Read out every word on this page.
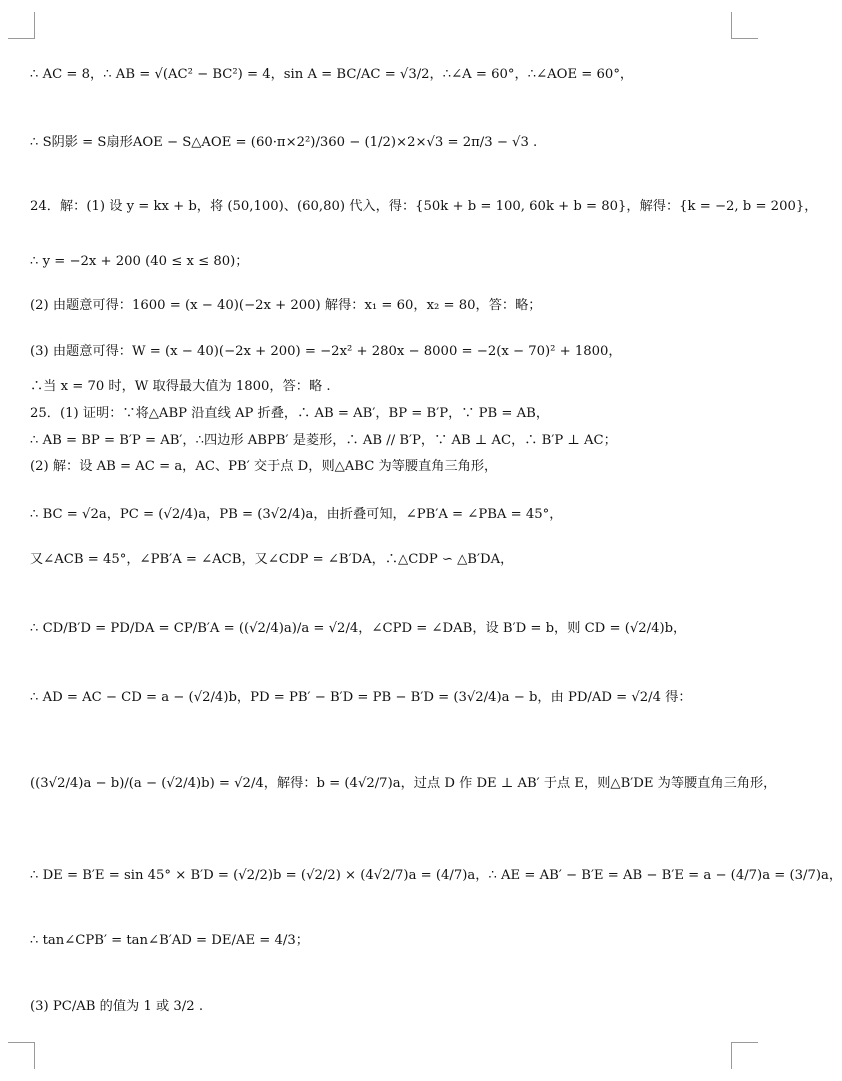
∴ AC = 8，∴ AB = √(AC² − BC²) = 4，sin A = BC/AC = √3/2，∴∠A = 60°，∴∠AOE = 60°，
∴ S阴影 = S扇形AOE − S△AOE = (60·π×2²)/360 − (1/2)×2×√3 = 2π/3 − √3 .
24．解：(1) 设 y = kx + b，将 (50,100)、(60,80) 代入，得：{50k + b = 100, 60k + b = 80}，解得：{k = −2, b = 200}，
∴ y = −2x + 200 (40 ≤ x ≤ 80)；
(2) 由题意可得：1600 = (x − 40)(−2x + 200) 解得：x₁ = 60，x₂ = 80，答：略；
(3) 由题意可得：W = (x − 40)(−2x + 200) = −2x² + 280x − 8000 = −2(x − 70)² + 1800，
∴当 x = 70 时，W 取得最大值为 1800，答：略 .
25．(1) 证明：∵将△ABP 沿直线 AP 折叠，∴ AB = AB′，BP = B′P，∵ PB = AB，
∴ AB = BP = B′P = AB′，∴四边形 ABPB′ 是菱形，∴ AB // B′P，∵ AB ⊥ AC，∴ B′P ⊥ AC；
(2) 解：设 AB = AC = a，AC、PB′ 交于点 D，则△ABC 为等腰直角三角形，
∴ BC = √2a，PC = (√2/4)a，PB = (3√2/4)a，由折叠可知，∠PB′A = ∠PBA = 45°，
又∠ACB = 45°，∠PB′A = ∠ACB，又∠CDP = ∠B′DA，∴△CDP ∽ △B′DA，
∴ CD/B′D = PD/DA = CP/B′A = ((√2/4)a)/a = √2/4，∠CPD = ∠DAB，设 B′D = b，则 CD = (√2/4)b，
∴ AD = AC − CD = a − (√2/4)b，PD = PB′ − B′D = PB − B′D = (3√2/4)a − b，由 PD/AD = √2/4 得：
((3√2/4)a − b)/(a − (√2/4)b) = √2/4，解得：b = (4√2/7)a，过点 D 作 DE ⊥ AB′ 于点 E，则△B′DE 为等腰直角三角形，
∴ DE = B′E = sin 45° × B′D = (√2/2)b = (√2/2) × (4√2/7)a = (4/7)a，∴ AE = AB′ − B′E = AB − B′E = a − (4/7)a = (3/7)a，
∴ tan∠CPB′ = tan∠B′AD = DE/AE = 4/3；
(3) PC/AB 的值为 1 或 3/2 .
